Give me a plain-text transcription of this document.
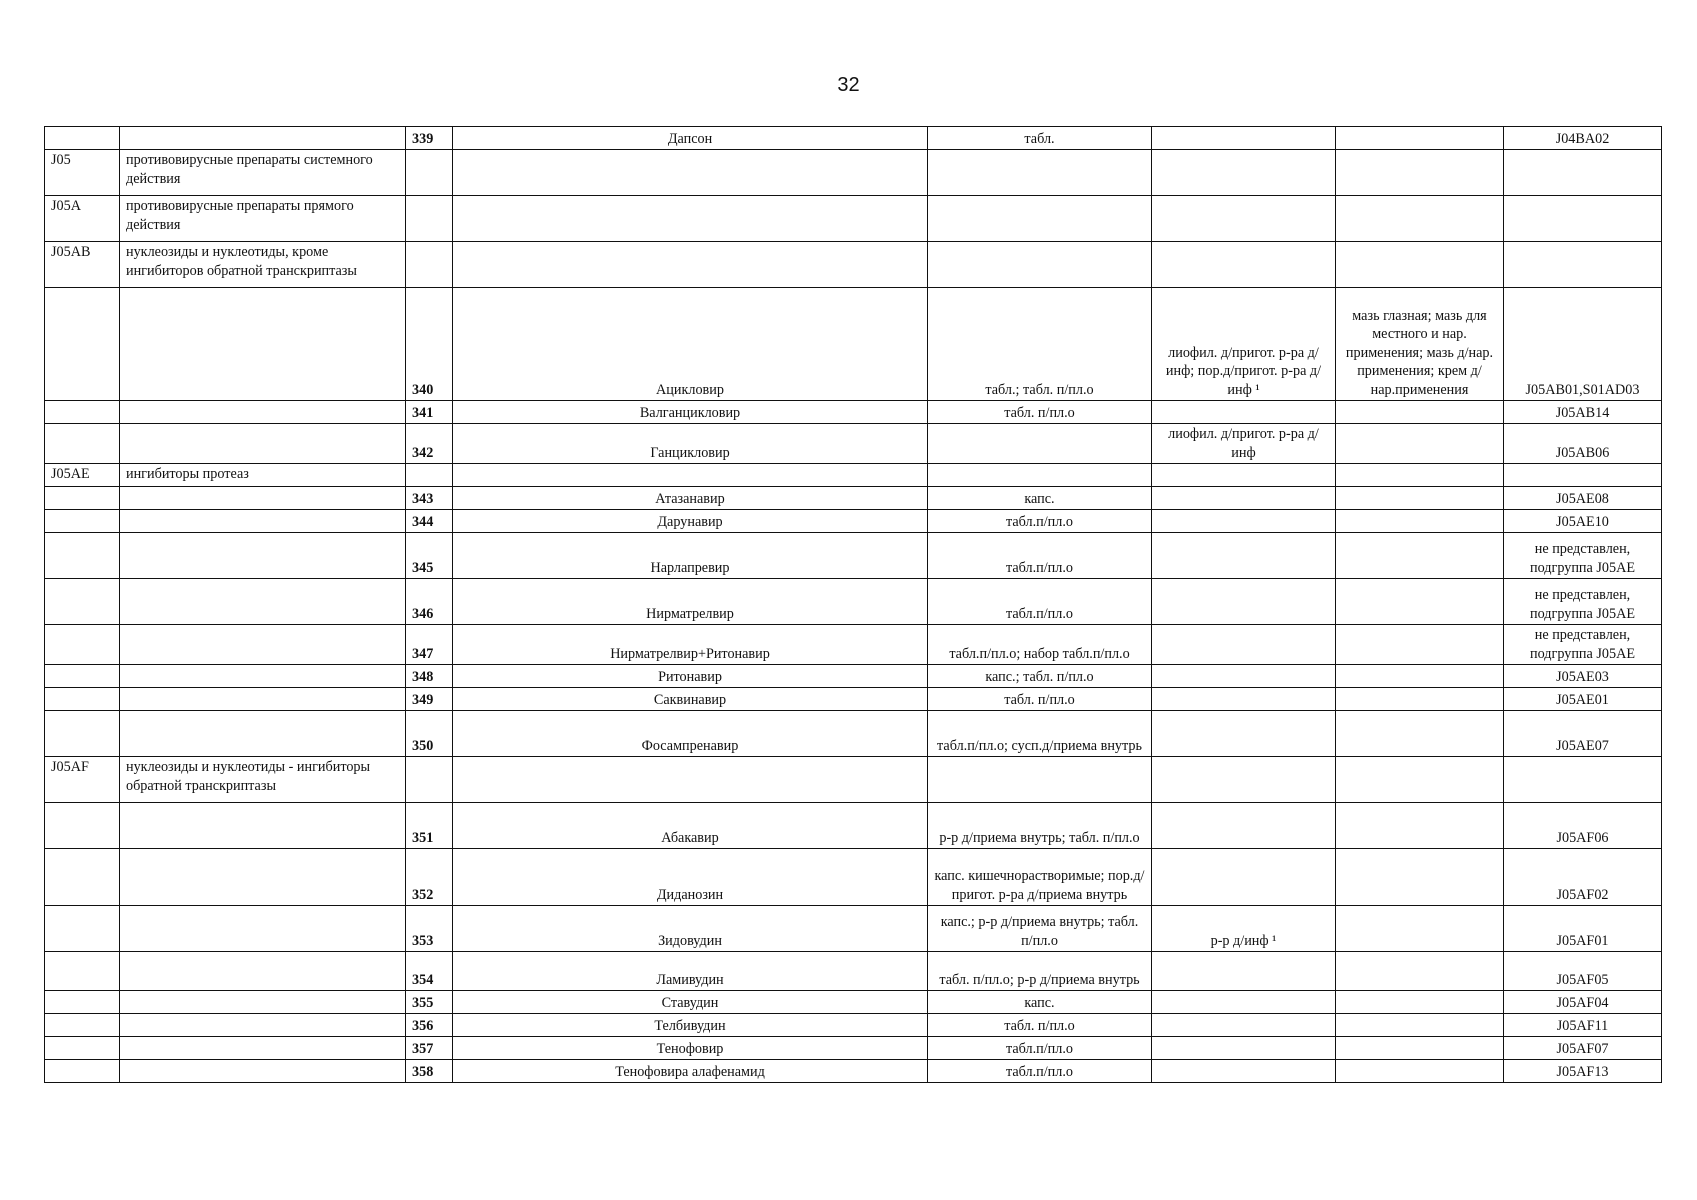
32
		339	Дапсон	табл.			J04BA02
J05	противовирусные препараты системного действия						
J05A	противовирусные препараты прямого действия						
J05AB	нуклеозиды и нуклеотиды, кроме ингибиторов обратной транскриптазы						
		340	Ацикловир	табл.; табл. п/пл.о	лиофил. д/пригот. р-ра д/инф; пор.д/пригот. р-ра д/инф ¹	мазь глазная; мазь для местного и нар. применения; мазь д/нар. применения; крем д/нар.применения	J05AB01,S01AD03
		341	Валганцикловир	табл. п/пл.о			J05AB14
		342	Ганцикловир		лиофил. д/пригот. р-ра д/инф		J05AB06
J05AE	ингибиторы протеаз						
		343	Атазанавир	капс.			J05AE08
		344	Дарунавир	табл.п/пл.о			J05AE10
		345	Нарлапревир	табл.п/пл.о			не представлен, подгруппа J05AE
		346	Нирматрелвир	табл.п/пл.о			не представлен, подгруппа J05AE
		347	Нирматрелвир+Ритонавир	табл.п/пл.о; набор табл.п/пл.о			не представлен, подгруппа J05AE
		348	Ритонавир	капс.; табл. п/пл.о			J05AE03
		349	Саквинавир	табл. п/пл.о			J05AE01
		350	Фосампренавир	табл.п/пл.о; сусп.д/приема внутрь			J05AE07
J05AF	нуклеозиды и нуклеотиды - ингибиторы обратной транскриптазы						
		351	Абакавир	р-р д/приема внутрь; табл. п/пл.о			J05AF06
		352	Диданозин	капс. кишечнорастворимые; пор.д/пригот. р-ра д/приема внутрь			J05AF02
		353	Зидовудин	капс.; р-р д/приема внутрь; табл. п/пл.о	р-р д/инф ¹		J05AF01
		354	Ламивудин	табл. п/пл.о; р-р д/приема внутрь			J05AF05
		355	Ставудин	капс.			J05AF04
		356	Телбивудин	табл. п/пл.о			J05AF11
		357	Тенофовир	табл.п/пл.о			J05AF07
		358	Тенофовира алафенамид	табл.п/пл.о			J05AF13
